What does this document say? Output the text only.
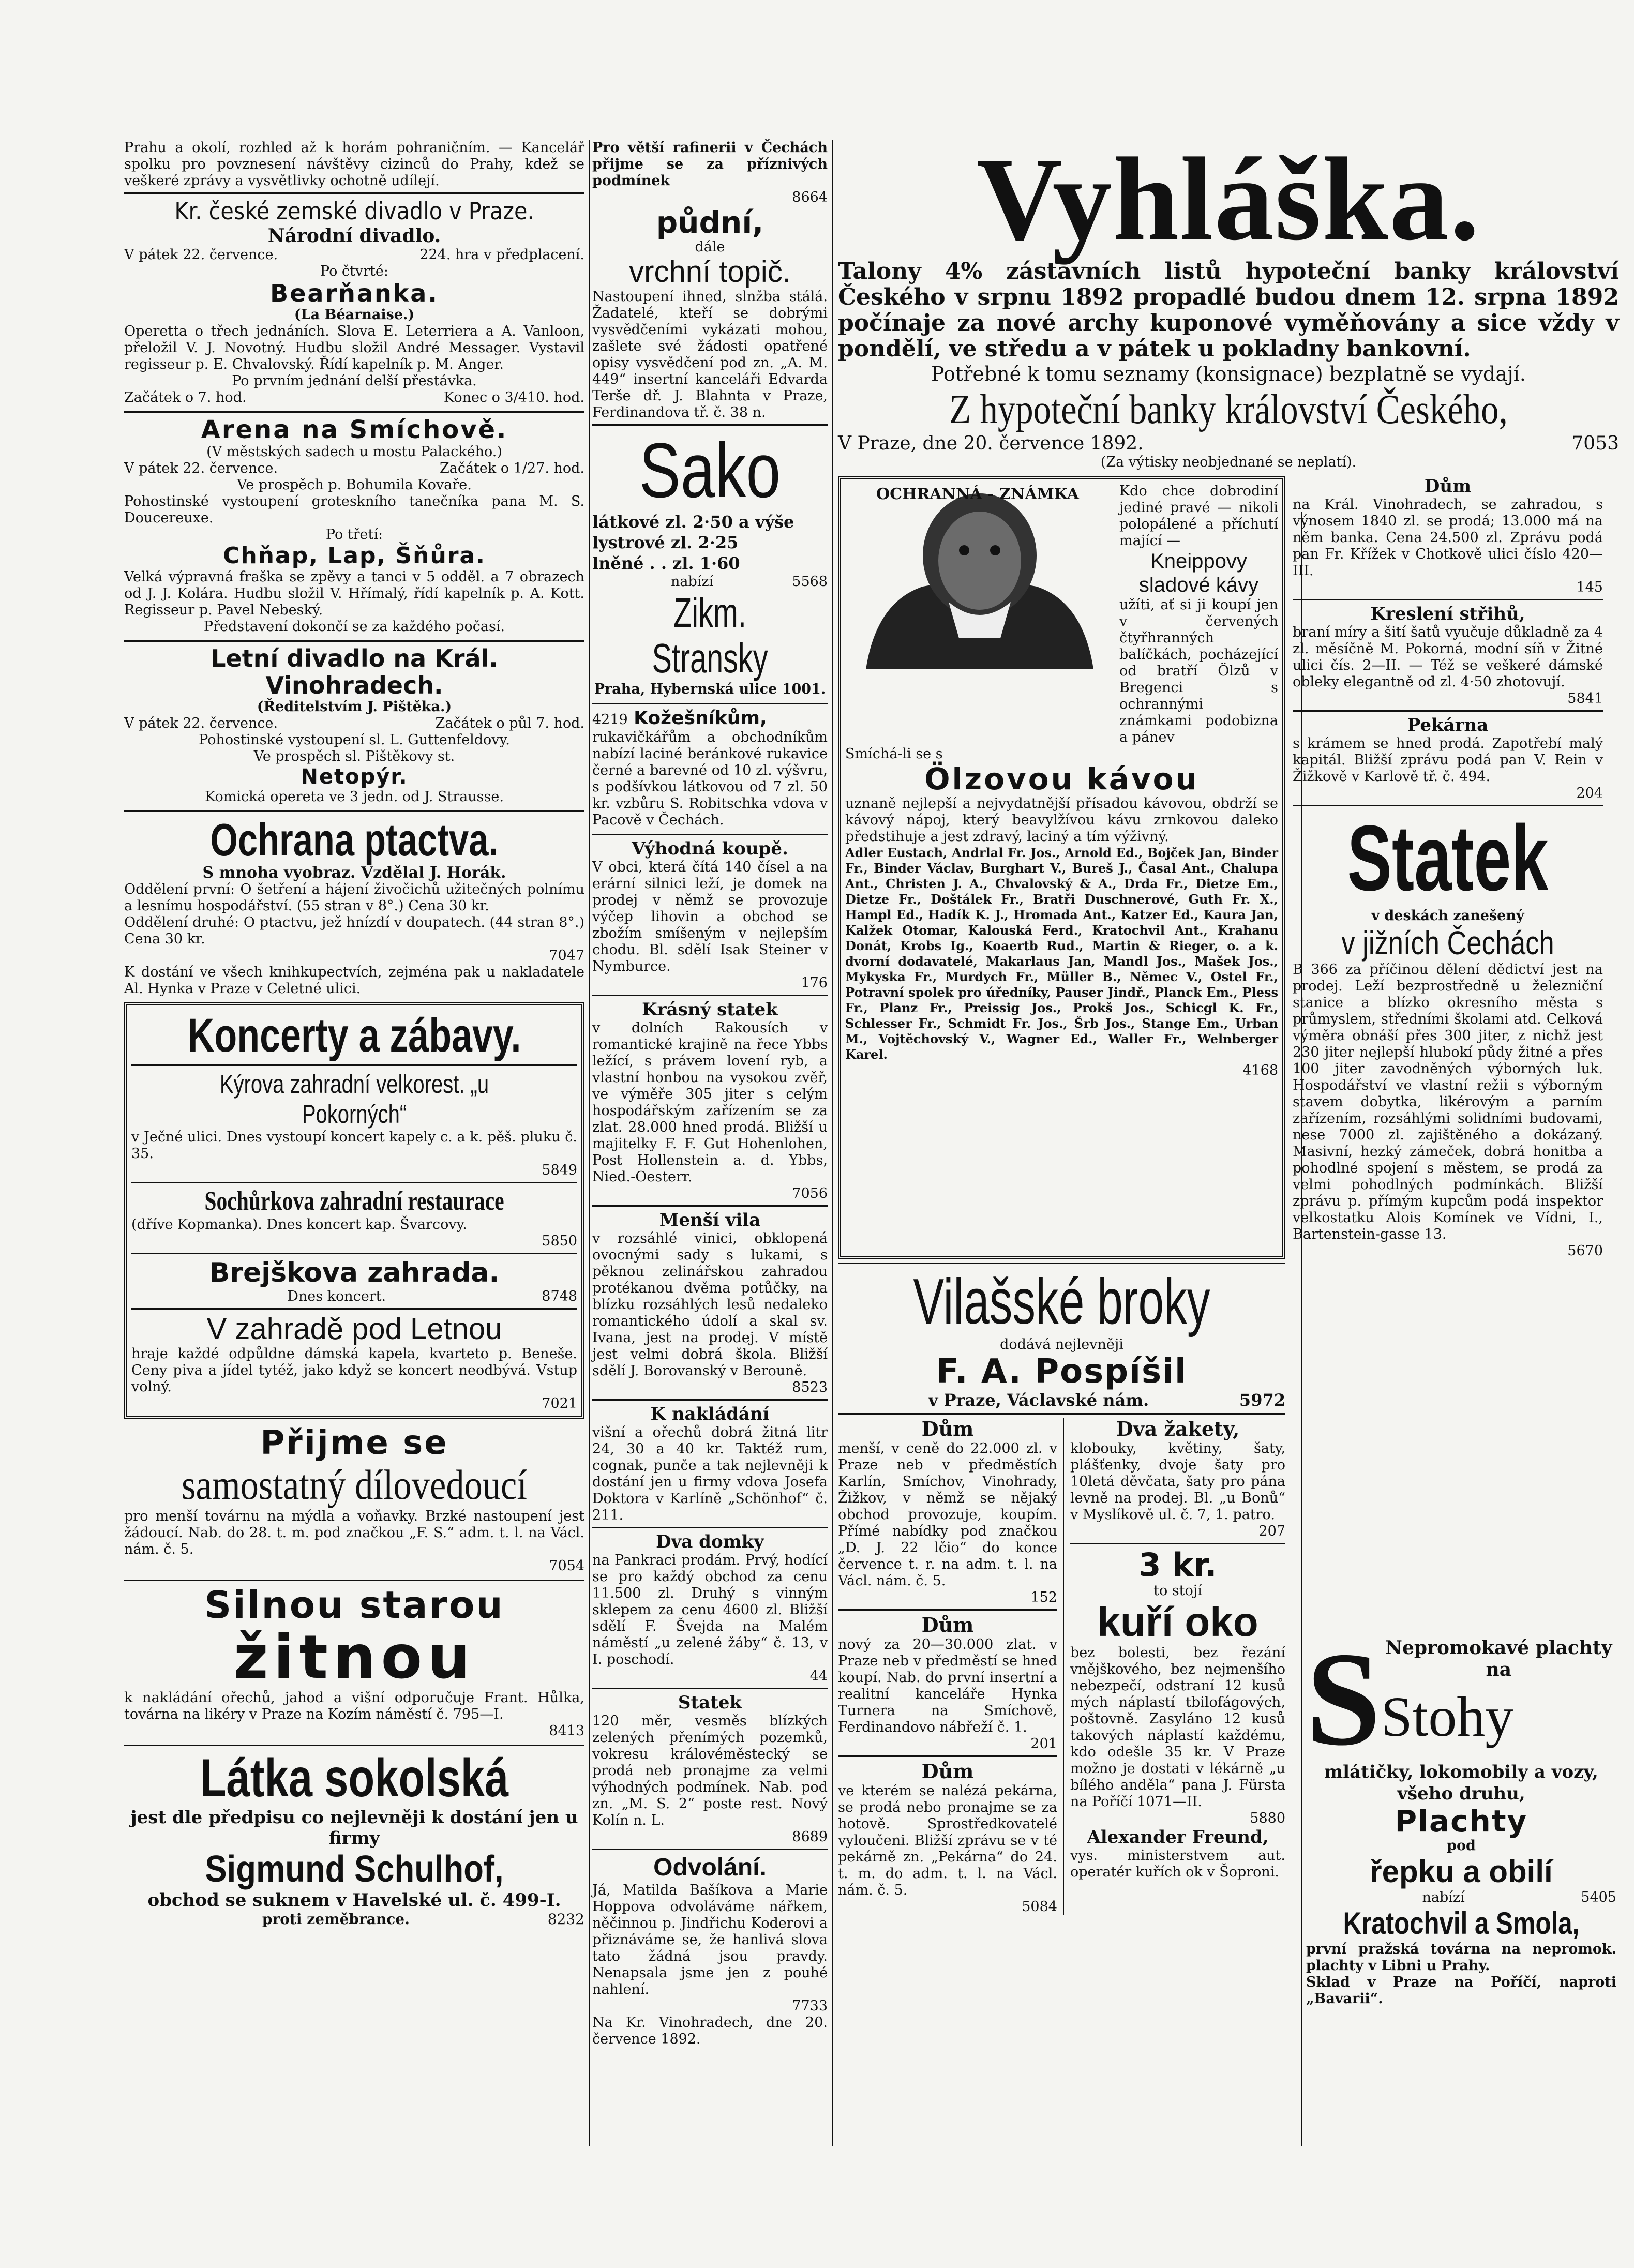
Prahu a okolí, rozhled až k horám pohraničním. — Kancelář spolku pro povznesení návštěvy cizinců do Prahy, kdež se veškeré zprávy a vysvětlivky ochotně udílejí.

Kr. české zemské divadlo v Praze.

Národní divadlo.

V pátek 22. července.	224. hra v předplacení.

Po čtvrté:

Bearňanka.

(La Béarnaise.)

Operetta o třech jednáních. Slova E. Leterriera a A. Vanloon, přeložil V. J. Novotný. Hudbu složil André Messager. Vystavil regisseur p. E. Chvalovský. Řídí kapelník p. M. Anger.

Po prvním jednání delší přestávka.

Začátek o 7. hod.	Konec o 3/410. hod.

Arena na Smíchově.

(V městských sadech u mostu Palackého.)

V pátek 22. července.	Začátek o 1/27. hod.

Ve prospěch p. Bohumila Kovaře.

Pohostinské vystoupení groteskního tanečníka pana M. S. Doucereuxe.

Po třetí:

Chňap, Lap, Šňůra.

Velká výpravná fraška se zpěvy a tanci v 5 odděl. a 7 obrazech od J. J. Kolára. Hudbu složil V. Hřímalý, řídí kapelník p. A. Kott. Regisseur p. Pavel Nebeský.

Představení dokončí se za každého počasí.

Letní divadlo na Král. Vinohradech.

(Ředitelstvím J. Pištěka.)

V pátek 22. července.	Začátek o půl 7. hod.

Pohostinské vystoupení sl. L. Guttenfeldovy.

Ve prospěch sl. Pištěkovy st.

Netopýr.

Komická opereta ve 3 jedn. od J. Strausse.

Ochrana ptactva.

S mnoha vyobraz. Vzdělal J. Horák.

Oddělení první: O šetření a hájení živočichů užitečných polnímu a lesnímu hospodářství. (55 stran v 8°.) Cena 30 kr.

Oddělení druhé: O ptactvu, jež hnízdí v doupatech. (44 stran 8°.) Cena 30 kr.

7047

K dostání ve všech knihkupectvích, zejména pak u nakladatele Al. Hynka v Praze v Celetné ulici.

Koncerty a zábavy.

Kýrova zahradní velkorest. „u Pokorných“

v Ječné ulici. Dnes vystoupí koncert kapely c. a k. pěš. pluku č. 35.

5849

Sochůrkova zahradní restaurace

(dříve Kopmanka). Dnes koncert kap. Švarcovy.

5850

Brejškova zahrada.

Dnes koncert.	8748

V zahradě pod Letnou

hraje každé odpůldne dámská kapela, kvarteto p. Beneše. Ceny piva a jídel tytéž, jako když se koncert neodbývá. Vstup volný.

7021

Přijme se

samostatný dílovedoucí

pro menší továrnu na mýdla a voňavky. Brzké nastoupení jest žádoucí. Nab. do 28. t. m. pod značkou „F. S.“ adm. t. l. na Václ. nám. č. 5.

7054

Silnou starou

žitnou

k nakládání ořechů, jahod a višní odporučuje Frant. Hůlka, továrna na likéry v Praze na Kozím náměstí č. 795—I.

8413

Látka sokolská

jest dle předpisu co nejlevněji k dostání jen u firmy

Sigmund Schulhof,

obchod se suknem v Havelské ul. č. 499-I.

proti zeměbrance.	8232

Pro větší rafinerii v Čechách přijme se za příznivých podmínek

8664

půdní,

dále

vrchní topič.

Nastoupení ihned, slnžba stálá. Žadatelé, kteří se dobrými vysvědčeními vykázati mohou, zašlete své žádosti opatřené opisy vysvědčení pod zn. „A. M. 449“ insertní kanceláři Edvarda Terše dř. J. Blahnta v Praze, Ferdinandova tř. č. 38 n.

Sako

látkové zl. 2·50 a výše

lystrové zl. 2·25

lněné . . zl. 1·60

nabízí	5568

Zikm. Stransky

Praha, Hybernská ulice 1001.

4219 Kožešníkům,

rukavičkářům a obchodníkům nabízí laciné beránkové rukavice černé a barevné od 10 zl. výšvru, s podšívkou látkovou od 7 zl. 50 kr. vzbůru S. Robitschka vdova v Pacově v Čechách.

Výhodná koupě.

V obci, která čítá 140 čísel a na erární silnici leží, je domek na prodej v němž se provozuje výčep lihovin a obchod se zbožím smíšeným v nejlepším chodu. Bl. sdělí Isak Steiner v Nymburce.

176

Krásný statek

v dolních Rakousích v romantické krajině na řece Ybbs ležící, s právem lovení ryb, a vlastní honbou na vysokou zvěř, ve výměře 305 jiter s celým hospodářským zařízením se za zlat. 28.000 hned prodá. Bližší u majitelky F. F. Gut Hohenlohen, Post Hollenstein a. d. Ybbs, Nied.-Oesterr.

7056

Menší vila

v rozsáhlé vinici, obklopená ovocnými sady s lukami, s pěknou zelinářskou zahradou protékanou dvěma potůčky, na blízku rozsáhlých lesů nedaleko romantického údolí a skal sv. Ivana, jest na prodej. V místě jest velmi dobrá škola. Bližší sdělí J. Borovanský v Berouně.

8523

K nakládání

višní a ořechů dobrá žitná litr 24, 30 a 40 kr. Taktéž rum, cognak, punče a tak nejlevněji k dostání jen u firmy vdova Josefa Doktora v Karlíně „Schönhof“ č. 211.

Dva domky

na Pankraci prodám. Prvý, hodící se pro každý obchod za cenu 11.500 zl. Druhý s vinným sklepem za cenu 4600 zl. Bližší sdělí F. Švejda na Malém náměstí „u zelené žáby“ č. 13, v I. poschodí.

44

Statek

120 měr, vesměs blízkých zelených přenímých pozemků, vokresu královéměstecký se prodá neb pronajme za velmi výhodných podmínek. Nab. pod zn. „M. S. 2“ poste rest. Nový Kolín n. L.

8689

Odvolání.

Já, Matilda Bašíkova a Marie Hoppova odvoláváme nářkem, něčinnou p. Jindřichu Koderovi a přiznáváme se, že hanlivá slova tato žádná jsou pravdy. Nenapsala jsme jen z pouhé nahlení.

7733

Na Kr. Vinohradech, dne 20. července 1892.

Vyhláška.

Talony 4% zástavních listů hypoteční banky království Českého v srpnu 1892 propadlé budou dnem 12. srpna 1892 počínaje za nové archy kuponové vyměňovány a sice vždy v pondělí, ve středu a v pátek u pokladny bankovní.

Potřebné k tomu seznamy (konsignace) bezplatně se vydají.

Z hypoteční banky království Českého,

V Praze, dne 20. července 1892.	7053

(Za výtisky neobjednané se neplatí).

OCHRANNÁ - ZNÁMKA	Kdo chce dobrodiní jediné pravé — nikoli polopálené a příchutí mající —

Kneippovy sladové kávy

užíti, ať si ji koupí jen v červených čtyřhranných balíčkách, pocházející od bratří Ölzů v Bregenci s ochrannými známkami podobizna a pánev

Smíchá-li se s

Ölzovou kávou

uznaně nejlepší a nejvydatnější přísadou kávovou, obdrží se kávový nápoj, který beavylžívou kávu zrnkovou daleko předstihuje a jest zdravý, laciný a tím výživný.

Adler Eustach, Andrlal Fr. Jos., Arnold Ed., Bojček Jan, Binder Fr., Binder Václav, Burghart V., Bureš J., Časal Ant., Chalupa Ant., Christen J. A., Chvalovský & A., Drda Fr., Dietze Em., Dietze Fr., Doštálek Fr., Bratři Duschnerové, Guth Fr. X., Hampl Ed., Hadík K. J., Hromada Ant., Katzer Ed., Kaura Jan, Kalžek Otomar, Kalouská Ferd., Kratochvil Ant., Krahanu Donát, Krobs Ig., Koaertb Rud., Martin & Rieger, o. a k. dvorní dodavatelé, Makarlaus Jan, Mandl Jos., Mašek Jos., Mykyska Fr., Murdych Fr., Müller B., Němec V., Ostel Fr., Potravní spolek pro úředníky, Pauser Jindř., Planck Em., Pless Fr., Planz Fr., Preissig Jos., Prokš Jos., Schicgl K. Fr., Schlesser Fr., Schmidt Fr. Jos., Šrb Jos., Stange Em., Urban M., Vojtěchovský V., Wagner Ed., Waller Fr., Welnberger Karel.

4168

Dům

na Král. Vinohradech, se zahradou, s výnosem 1840 zl. se prodá; 13.000 má na něm banka. Cena 24.500 zl. Zprávu podá pan Fr. Křížek v Chotkově ulici číslo 420—III.

145

Kreslení střihů,

braní míry a šití šatů vyučuje důkladně za 4 zl. měsíčně M. Pokorná, modní síň v Žitné ulici čís. 2—II. — Též se veškeré dámské obleky elegantně od zl. 4·50 zhotovují.

5841

Pekárna

s krámem se hned prodá. Zapotřebí malý kapitál. Bližší zprávu podá pan V. Rein v Žižkově v Karlově tř. č. 494.

204

Statek

v deskách zanešený

v jižních Čechách

B 366 za příčinou dělení dědictví jest na prodej. Leží bezprostředně u železniční stanice a blízko okresního města s průmyslem, středními školami atd. Celková výměra obnáší přes 300 jiter, z nichž jest 230 jiter nejlepší hlubokí půdy žitné a přes 100 jiter zavodněných výborných luk. Hospodářství ve vlastní režii s výborným stavem dobytka, likérovým a parním zařízením, rozsáhlými solidními budovami, nese 7000 zl. zajištěného a dokázaný. Masivní, hezký zámeček, dobrá honitba a pohodlné spojení s městem, se prodá za velmi pohodlných podmínkách. Bližší zprávu p. přímým kupcům podá inspektor velkostatku Alois Komínek ve Vídni, I., Bartenstein-gasse 13.

5670

Vilašské broky

dodává nejlevněji

F. A. Pospíšil

v Praze, Václavské nám.	5972

Dům

menší, v ceně do 22.000 zl. v Praze neb v předměstích Karlín, Smíchov, Vinohrady, Žižkov, v němž se nějaký obchod provozuje, koupím. Přímé nabídky pod značkou „D. J. 22 lčio“ do konce července t. r. na adm. t. l. na Václ. nám. č. 5.

152

Dům

nový za 20—30.000 zlat. v Praze neb v předměstí se hned koupí. Nab. do první insertní a realitní kanceláře Hynka Turnera na Smíchově, Ferdinandovo nábřeží č. 1.

201

Dům

ve kterém se nalézá pekárna, se prodá nebo pronajme se za hotově. Sprostředkovatelé vyloučeni. Bližší zprávu se v té pekárně zn. „Pekárna“ do 24. t. m. do adm. t. l. na Václ. nám. č. 5.

5084

Dva žakety,

klobouky, květiny, šaty, plášťenky, dvoje šaty pro 10letá děvčata, šaty pro pána levně na prodej. Bl. „u Bonů“ v Myslíkově ul. č. 7, 1. patro.

207

3 kr.

to stojí

kuří oko

bez bolesti, bez řezání vnějškového, bez nejmenšího nebezpečí, odstraní 12 kusů mých náplastí tbilofágových, poštovně. Zasyláno 12 kusů takových náplastí každému, kdo odešle 35 kr. V Praze možno je dostati v lékárně „u bílého anděla“ pana J. Fürsta na Poříčí 1071—II.

5880

Alexander Freund,

vys. ministerstvem aut. operatér kuřích ok v Šoproni.

S Nepromokavé plachty na

Stohy

mlátičky, lokomobily a vozy, všeho druhu,

Plachty

pod

řepku a obilí

nabízí	5405

Kratochvil a Smola,

první pražská továrna na nepromok. plachty v Libni u Prahy.

Sklad v Praze na Poříčí, naproti „Bavarii“.
